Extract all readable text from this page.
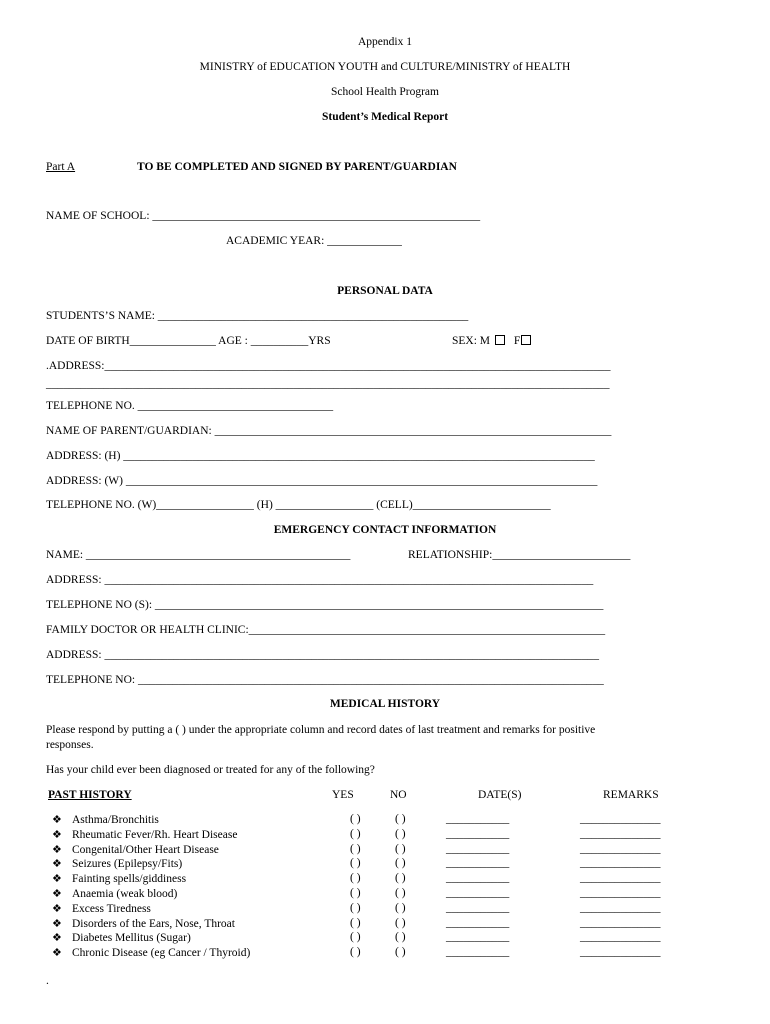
Appendix 1
MINISTRY of EDUCATION YOUTH and CULTURE/MINISTRY of HEALTH
School Health Program
Student’s Medical Report
Part A	TO BE COMPLETED AND SIGNED BY PARENT/GUARDIAN
NAME OF SCHOOL: _________________________________________________________
ACADEMIC YEAR: _____________
PERSONAL DATA
STUDENTS’S NAME: ______________________________________________________
DATE OF BIRTH_______________ AGE : __________YRS	SEX: M F
.ADDRESS:________________________________________________________________________________________
__________________________________________________________________________________________________
TELEPHONE NO. __________________________________
NAME OF PARENT/GUARDIAN: _____________________________________________________________________
ADDRESS: (H) __________________________________________________________________________________
ADDRESS: (W) __________________________________________________________________________________
TELEPHONE NO. (W)_________________ (H) _________________ (CELL)________________________
EMERGENCY CONTACT INFORMATION
NAME: ______________________________________________	RELATIONSHIP:________________________
ADDRESS: _____________________________________________________________________________________
TELEPHONE NO (S): ______________________________________________________________________________
FAMILY DOCTOR OR HEALTH CLINIC:______________________________________________________________
ADDRESS: ______________________________________________________________________________________
TELEPHONE NO: _________________________________________________________________________________
MEDICAL HISTORY
Please respond by putting a ( ) under the appropriate column and record dates of last treatment and remarks for positive
responses.
Has your child ever been diagnosed or treated for any of the following?
PAST HISTORY	YES	NO	DATE(S)	REMARKS
❖ Asthma/Bronchitis	( )	( )	___________	______________
❖ Rheumatic Fever/Rh. Heart Disease	( )	( )	___________	______________
❖ Congenital/Other Heart Disease	( )	( )	___________	______________
❖ Seizures (Epilepsy/Fits)	( )	( )	___________	______________
❖ Fainting spells/giddiness	( )	( )	___________	______________
❖ Anaemia (weak blood)	( )	( )	___________	______________
❖ Excess Tiredness	( )	( )	___________	______________
❖ Disorders of the Ears, Nose, Throat	( )	( )	___________	______________
❖ Diabetes Mellitus (Sugar)	( )	( )	___________	______________
❖ Chronic Disease (eg Cancer / Thyroid)	( )	( )	___________	______________
.
